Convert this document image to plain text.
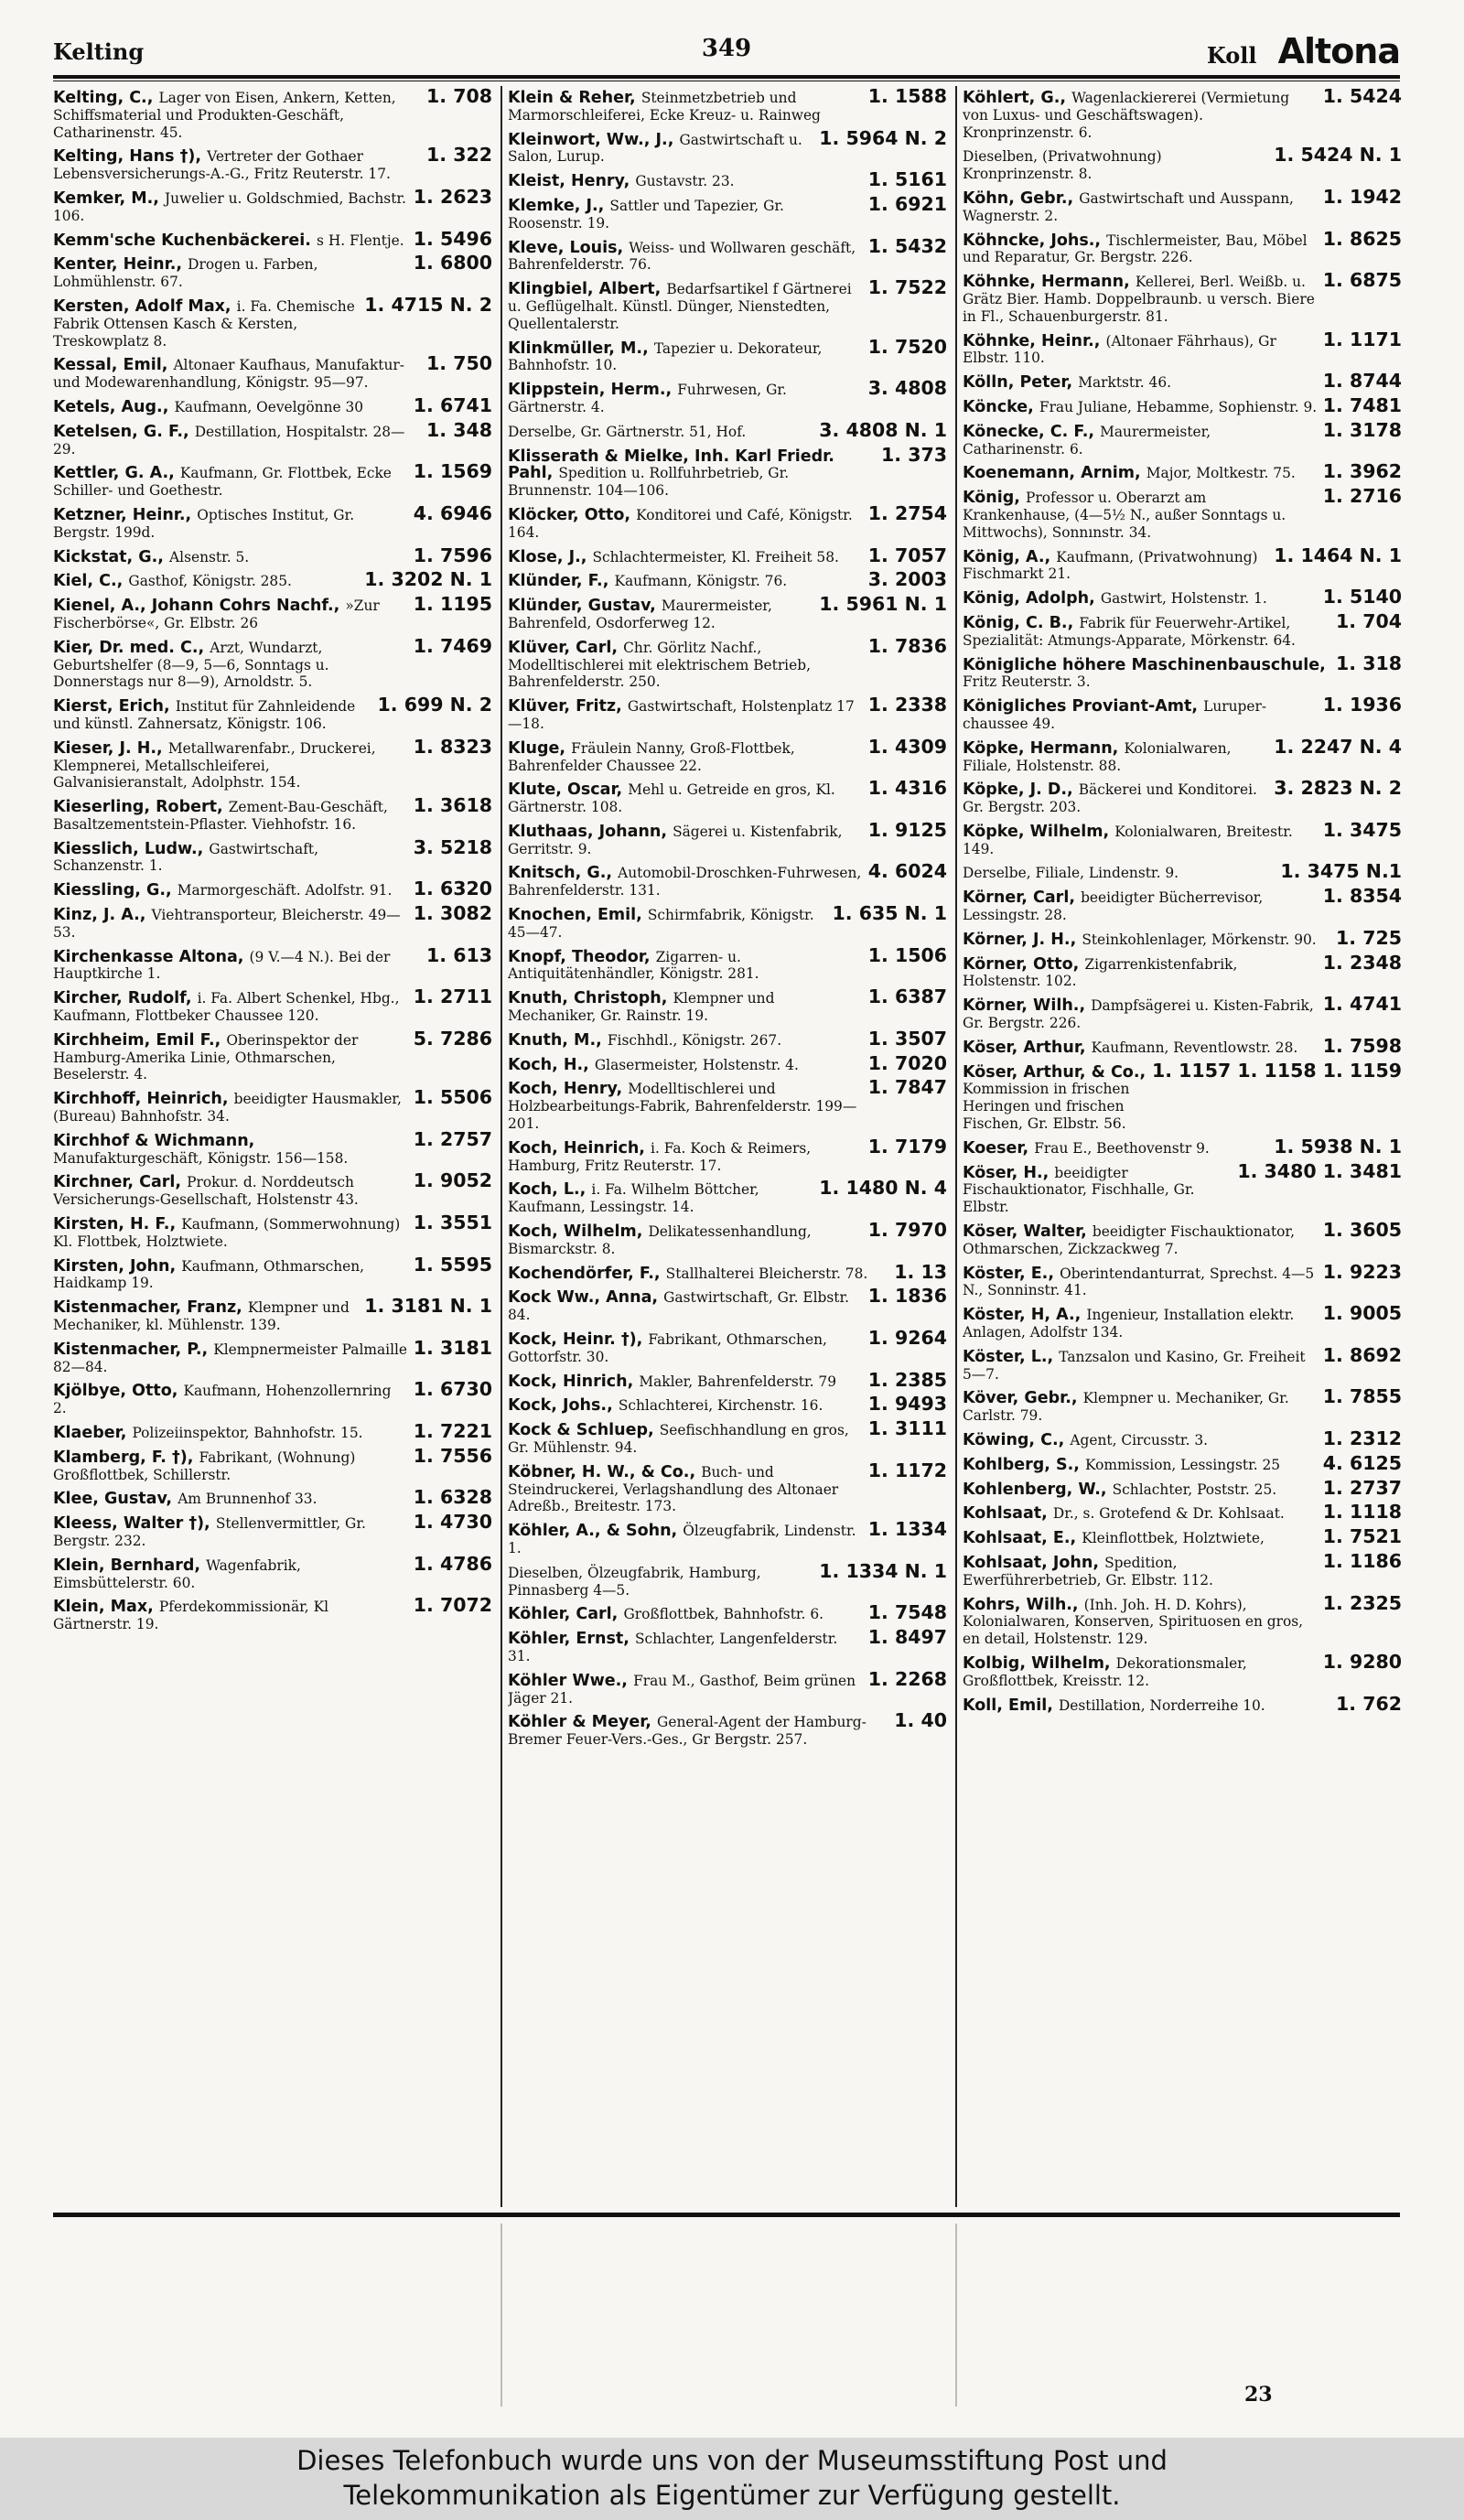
Kelting	349	Koll Altona
Kelting, C., Lager von Eisen, Ankern, Ketten, Schiffsmaterial und Produkten-Geschäft, Catharinenstr. 45.
1. 708
Kelting, Hans †), Vertreter der Gothaer Lebensversicherungs-A.-G., Fritz Reuterstr. 17.
1. 322
Kemker, M., Juwelier u. Goldschmied, Bachstr. 106.
1. 2623
Kemm'sche Kuchenbäckerei. s H. Flentje. 1. 5496
Kenter, Heinr., Drogen u. Farben, Lohmühlenstr. 67.
1. 6800
Kersten, Adolf Max, i. Fa. Chemische Fabrik Ottensen Kasch & Kersten, Treskowplatz 8.
1. 4715 N. 2
Kessal, Emil, Altonaer Kaufhaus, Manufaktur- und Modewarenhandlung, Königstr. 95—97.
1. 750
Ketels, Aug., Kaufmann, Oevelgönne 30	1. 6741
Ketelsen, G. F., Destillation, Hospitalstr. 28—29.
1. 348
Kettler, G. A., Kaufmann, Gr. Flottbek, Ecke Schiller- und Goethestr.
1. 1569
Ketzner, Heinr., Optisches Institut, Gr. Bergstr. 199d.
4. 6946
Kickstat, G., Alsenstr. 5.	1. 7596
Kiel, C., Gasthof, Königstr. 285.	1. 3202 N. 1
Kienel, A., Johann Cohrs Nachf., »Zur Fischerbörse«, Gr. Elbstr. 26
1. 1195
Kier, Dr. med. C., Arzt, Wundarzt, Geburtshelfer (8—9, 5—6, Sonntags u. Donnerstags nur 8—9), Arnoldstr. 5.
1. 7469
Kierst, Erich, Institut für Zahnleidende und künstl. Zahnersatz, Königstr. 106.
1. 699 N. 2
Kieser, J. H., Metallwarenfabr., Druckerei, Klempnerei, Metallschleiferei, Galvanisieranstalt, Adolphstr. 154.
1. 8323
Kieserling, Robert, Zement-Bau-Geschäft, Basaltzementstein-Pflaster. Viehhofstr. 16.
1. 3618
Kiesslich, Ludw., Gastwirtschaft, Schanzenstr. 1.
3. 5218
Kiessling, G., Marmorgeschäft. Adolfstr. 91.	1. 6320
Kinz, J. A., Viehtransporteur, Bleicherstr. 49—53.
1. 3082
Kirchenkasse Altona, (9 V.—4 N.). Bei der Hauptkirche 1.
1. 613
Kircher, Rudolf, i. Fa. Albert Schenkel, Hbg., Kaufmann, Flottbeker Chaussee 120.
1. 2711
Kirchheim, Emil F., Oberinspektor der Hamburg-Amerika Linie, Othmarschen, Beselerstr. 4.
5. 7286
Kirchhoff, Heinrich, beeidigter Hausmakler, (Bureau) Bahnhofstr. 34.
1. 5506
Kirchhof & Wichmann,Manufakturgeschäft, Königstr. 156—158.
1. 2757
Kirchner, Carl, Prokur. d. Norddeutsch Versicherungs-Gesellschaft, Holstenstr 43.
1. 9052
Kirsten, H. F., Kaufmann, (Sommerwohnung) Kl. Flottbek, Holztwiete.
1. 3551
Kirsten, John, Kaufmann, Othmarschen, Haidkamp 19.
1. 5595
Kistenmacher, Franz, Klempner und Mechaniker, kl. Mühlenstr. 139.
1. 3181 N. 1
Kistenmacher, P., Klempnermeister Palmaille 82—84.
1. 3181
Kjölbye, Otto, Kaufmann, Hohenzollernring 2.
1. 6730
Klaeber, Polizeiinspektor, Bahnhofstr. 15.	1. 7221
Klamberg, F. †), Fabrikant, (Wohnung) Großflottbek, Schillerstr.
1. 7556
Klee, Gustav, Am Brunnenhof 33.	1. 6328
Kleess, Walter †), Stellenvermittler, Gr. Bergstr. 232.
1. 4730
Klein, Bernhard, Wagenfabrik, Eimsbüttelerstr. 60.
1. 4786
Klein, Max, Pferdekommissionär, Kl Gärtnerstr. 19.
1. 7072
Klein & Reher, Steinmetzbetrieb und Marmorschleiferei, Ecke Kreuz- u. Rainweg
1. 1588
Kleinwort, Ww., J., Gastwirtschaft u. Salon, Lurup.
1. 5964 N. 2
Kleist, Henry, Gustavstr. 23.	1. 5161
Klemke, J., Sattler und Tapezier, Gr. Roosenstr. 19.
1. 6921
Kleve, Louis, Weiss- und Wollwaren geschäft, Bahrenfelderstr. 76.
1. 5432
Klingbiel, Albert, Bedarfsartikel f Gärtnerei u. Geflügelhalt. Künstl. Dünger, Nienstedten, Quellentalerstr.
1. 7522
Klinkmüller, M., Tapezier u. Dekorateur, Bahnhofstr. 10.
1. 7520
Klippstein, Herm., Fuhrwesen, Gr. Gärtnerstr. 4.
3. 4808
Derselbe, Gr. Gärtnerstr. 51, Hof.	3. 4808 N. 1
Klisserath & Mielke, Inh. Karl Friedr. Pahl, Spedition u. Rollfuhrbetrieb, Gr. Brunnenstr. 104—106.
1. 373
Klöcker, Otto, Konditorei und Café, Königstr. 164.
1. 2754
Klose, J., Schlachtermeister, Kl. Freiheit 58.	1. 7057
Klünder, F., Kaufmann, Königstr. 76.	3. 2003
Klünder, Gustav, Maurermeister, Bahrenfeld, Osdorferweg 12.
1. 5961 N. 1
Klüver, Carl, Chr. Görlitz Nachf., Modelltischlerei mit elektrischem Betrieb, Bahrenfelderstr. 250.
1. 7836
Klüver, Fritz, Gastwirtschaft, Holstenplatz 17—18.
1. 2338
Kluge, Fräulein Nanny, Groß-Flottbek, Bahrenfelder Chaussee 22.
1. 4309
Klute, Oscar, Mehl u. Getreide en gros, Kl. Gärtnerstr. 108.
1. 4316
Kluthaas, Johann, Sägerei u. Kistenfabrik, Gerritstr. 9.
1. 9125
Knitsch, G., Automobil-Droschken-Fuhrwesen, Bahrenfelderstr. 131.
4. 6024
Knochen, Emil, Schirmfabrik, Königstr. 45—47.
1. 635 N. 1
Knopf, Theodor, Zigarren- u. Antiquitätenhändler, Königstr. 281.
1. 1506
Knuth, Christoph, Klempner und Mechaniker, Gr. Rainstr. 19.
1. 6387
Knuth, M., Fischhdl., Königstr. 267.	1. 3507
Koch, H., Glasermeister, Holstenstr. 4.	1. 7020
Koch, Henry, Modelltischlerei und Holzbearbeitungs-Fabrik, Bahrenfelderstr. 199—201.
1. 7847
Koch, Heinrich, i. Fa. Koch & Reimers, Hamburg, Fritz Reuterstr. 17.
1. 7179
Koch, L., i. Fa. Wilhelm Böttcher, Kaufmann, Lessingstr. 14.
1. 1480 N. 4
Koch, Wilhelm, Delikatessenhandlung, Bismarckstr. 8.
1. 7970
Kochendörfer, F., Stallhalterei Bleicherstr. 78.	1. 13
Kock Ww., Anna, Gastwirtschaft, Gr. Elbstr. 84.
1. 1836
Kock, Heinr. †), Fabrikant, Othmarschen, Gottorfstr. 30.
1. 9264
Kock, Hinrich, Makler, Bahrenfelderstr. 79	1. 2385
Kock, Johs., Schlachterei, Kirchenstr. 16.	1. 9493
Kock & Schluep, Seefischhandlung en gros, Gr. Mühlenstr. 94.
1. 3111
Köbner, H. W., & Co., Buch- und Steindruckerei, Verlagshandlung des Altonaer Adreßb., Breitestr. 173.
1. 1172
Köhler, A., & Sohn, Ölzeugfabrik, Lindenstr. 1.
1. 1334
Dieselben, Ölzeugfabrik, Hamburg, Pinnasberg 4—5.
1. 1334 N. 1
Köhler, Carl, Großflottbek, Bahnhofstr. 6.	1. 7548
Köhler, Ernst, Schlachter, Langenfelderstr. 31.
1. 8497
Köhler Wwe., Frau M., Gasthof, Beim grünen Jäger 21.
1. 2268
Köhler & Meyer, General-Agent der Hamburg-Bremer Feuer-Vers.-Ges., Gr Bergstr. 257.
1. 40
Köhlert, G., Wagenlackiererei (Vermietung von Luxus- und Geschäftswagen). Kronprinzenstr. 6.
1. 5424
Dieselben, (Privatwohnung) Kronprinzenstr. 8.
1. 5424 N. 1
Köhn, Gebr., Gastwirtschaft und Ausspann, Wagnerstr. 2.
1. 1942
Köhncke, Johs., Tischlermeister, Bau, Möbel und Reparatur, Gr. Bergstr. 226.
1. 8625
Köhnke, Hermann, Kellerei, Berl. Weißb. u. Grätz Bier. Hamb. Doppelbraunb. u versch. Biere in Fl., Schauenburgerstr. 81.
1. 6875
Köhnke, Heinr., (Altonaer Fährhaus), Gr Elbstr. 110.
1. 1171
Kölln, Peter, Marktstr. 46.	1. 8744
Köncke, Frau Juliane, Hebamme, Sophienstr. 9. 1. 7481
Könecke, C. F., Maurermeister, Catharinenstr. 6.
1. 3178
Koenemann, Arnim, Major, Moltkestr. 75.	1. 3962
König, Professor u. Oberarzt am Krankenhause, (4—5½ N., außer Sonntags u. Mittwochs), Sonnınstr. 34.
1. 2716
König, A., Kaufmann, (Privatwohnung) Fischmarkt 21.
1. 1464 N. 1
König, Adolph, Gastwirt, Holstenstr. 1.	1. 5140
König, C. B., Fabrik für Feuerwehr-Artikel, Spezialität: Atmungs-Apparate, Mörkenstr. 64.
1. 704
Königliche höhere Maschinenbauschule,Fritz Reuterstr. 3.
1. 318
Königliches Proviant-Amt, Luruper-chaussee 49.
1. 1936
Köpke, Hermann, Kolonialwaren, Filiale, Holstenstr. 88.
1. 2247 N. 4
Köpke, J. D., Bäckerei und Konditorei. Gr. Bergstr. 203.
3. 2823 N. 2
Köpke, Wilhelm, Kolonialwaren, Breitestr. 149.
1. 3475
Derselbe, Filiale, Lindenstr. 9.	1. 3475 N.1
Körner, Carl, beeidigter Bücherrevisor, Lessingstr. 28.
1. 8354
Körner, J. H., Steinkohlenlager, Mörkenstr. 90.	1. 725
Körner, Otto, Zigarrenkistenfabrik, Holstenstr. 102.
1. 2348
Körner, Wilh., Dampfsägerei u. Kisten-Fabrik, Gr. Bergstr. 226.
1. 4741
Köser, Arthur, Kaufmann, Reventlowstr. 28.	1. 7598
Köser, Arthur, & Co.,Kommission in frischen Heringen und frischen Fischen, Gr. Elbstr. 56.
1. 1157 1. 1158 1. 1159
Koeser, Frau E., Beethovenstr 9.	1. 5938 N. 1
Köser, H., beeidigter Fischauktionator, Fischhalle, Gr. Elbstr.
1. 3480 1. 3481
Köser, Walter, beeidigter Fischauktionator, Othmarschen, Zickzackweg 7.
1. 3605
Köster, E., Oberintendanturrat, Sprechst. 4—5 N., Sonninstr. 41.
1. 9223
Köster, H, A., Ingenieur, Installation elektr. Anlagen, Adolfstr 134.
1. 9005
Köster, L., Tanzsalon und Kasino, Gr. Freiheit 5—7.
1. 8692
Köver, Gebr., Klempner u. Mechaniker, Gr. Carlstr. 79.
1. 7855
Köwing, C., Agent, Circusstr. 3.	1. 2312
Kohlberg, S., Kommission, Lessingstr. 25	4. 6125
Kohlenberg, W., Schlachter, Poststr. 25.	1. 2737
Kohlsaat, Dr., s. Grotefend & Dr. Kohlsaat.	1. 1118
Kohlsaat, E., Kleinflottbek, Holztwiete,	1. 7521
Kohlsaat, John, Spedition, Ewerführerbetrieb, Gr. Elbstr. 112.
1. 1186
Kohrs, Wilh., (Inh. Joh. H. D. Kohrs), Kolonialwaren, Konserven, Spirituosen en gros, en detail, Holstenstr. 129.
1. 2325
Kolbig, Wilhelm, Dekorationsmaler, Großflottbek, Kreisstr. 12.
1. 9280
Koll, Emil, Destillation, Norderreihe 10.	1. 762
23
Dieses Telefonbuch wurde uns von der Museumsstiftung Post und
Telekommunikation als Eigentümer zur Verfügung gestellt.
